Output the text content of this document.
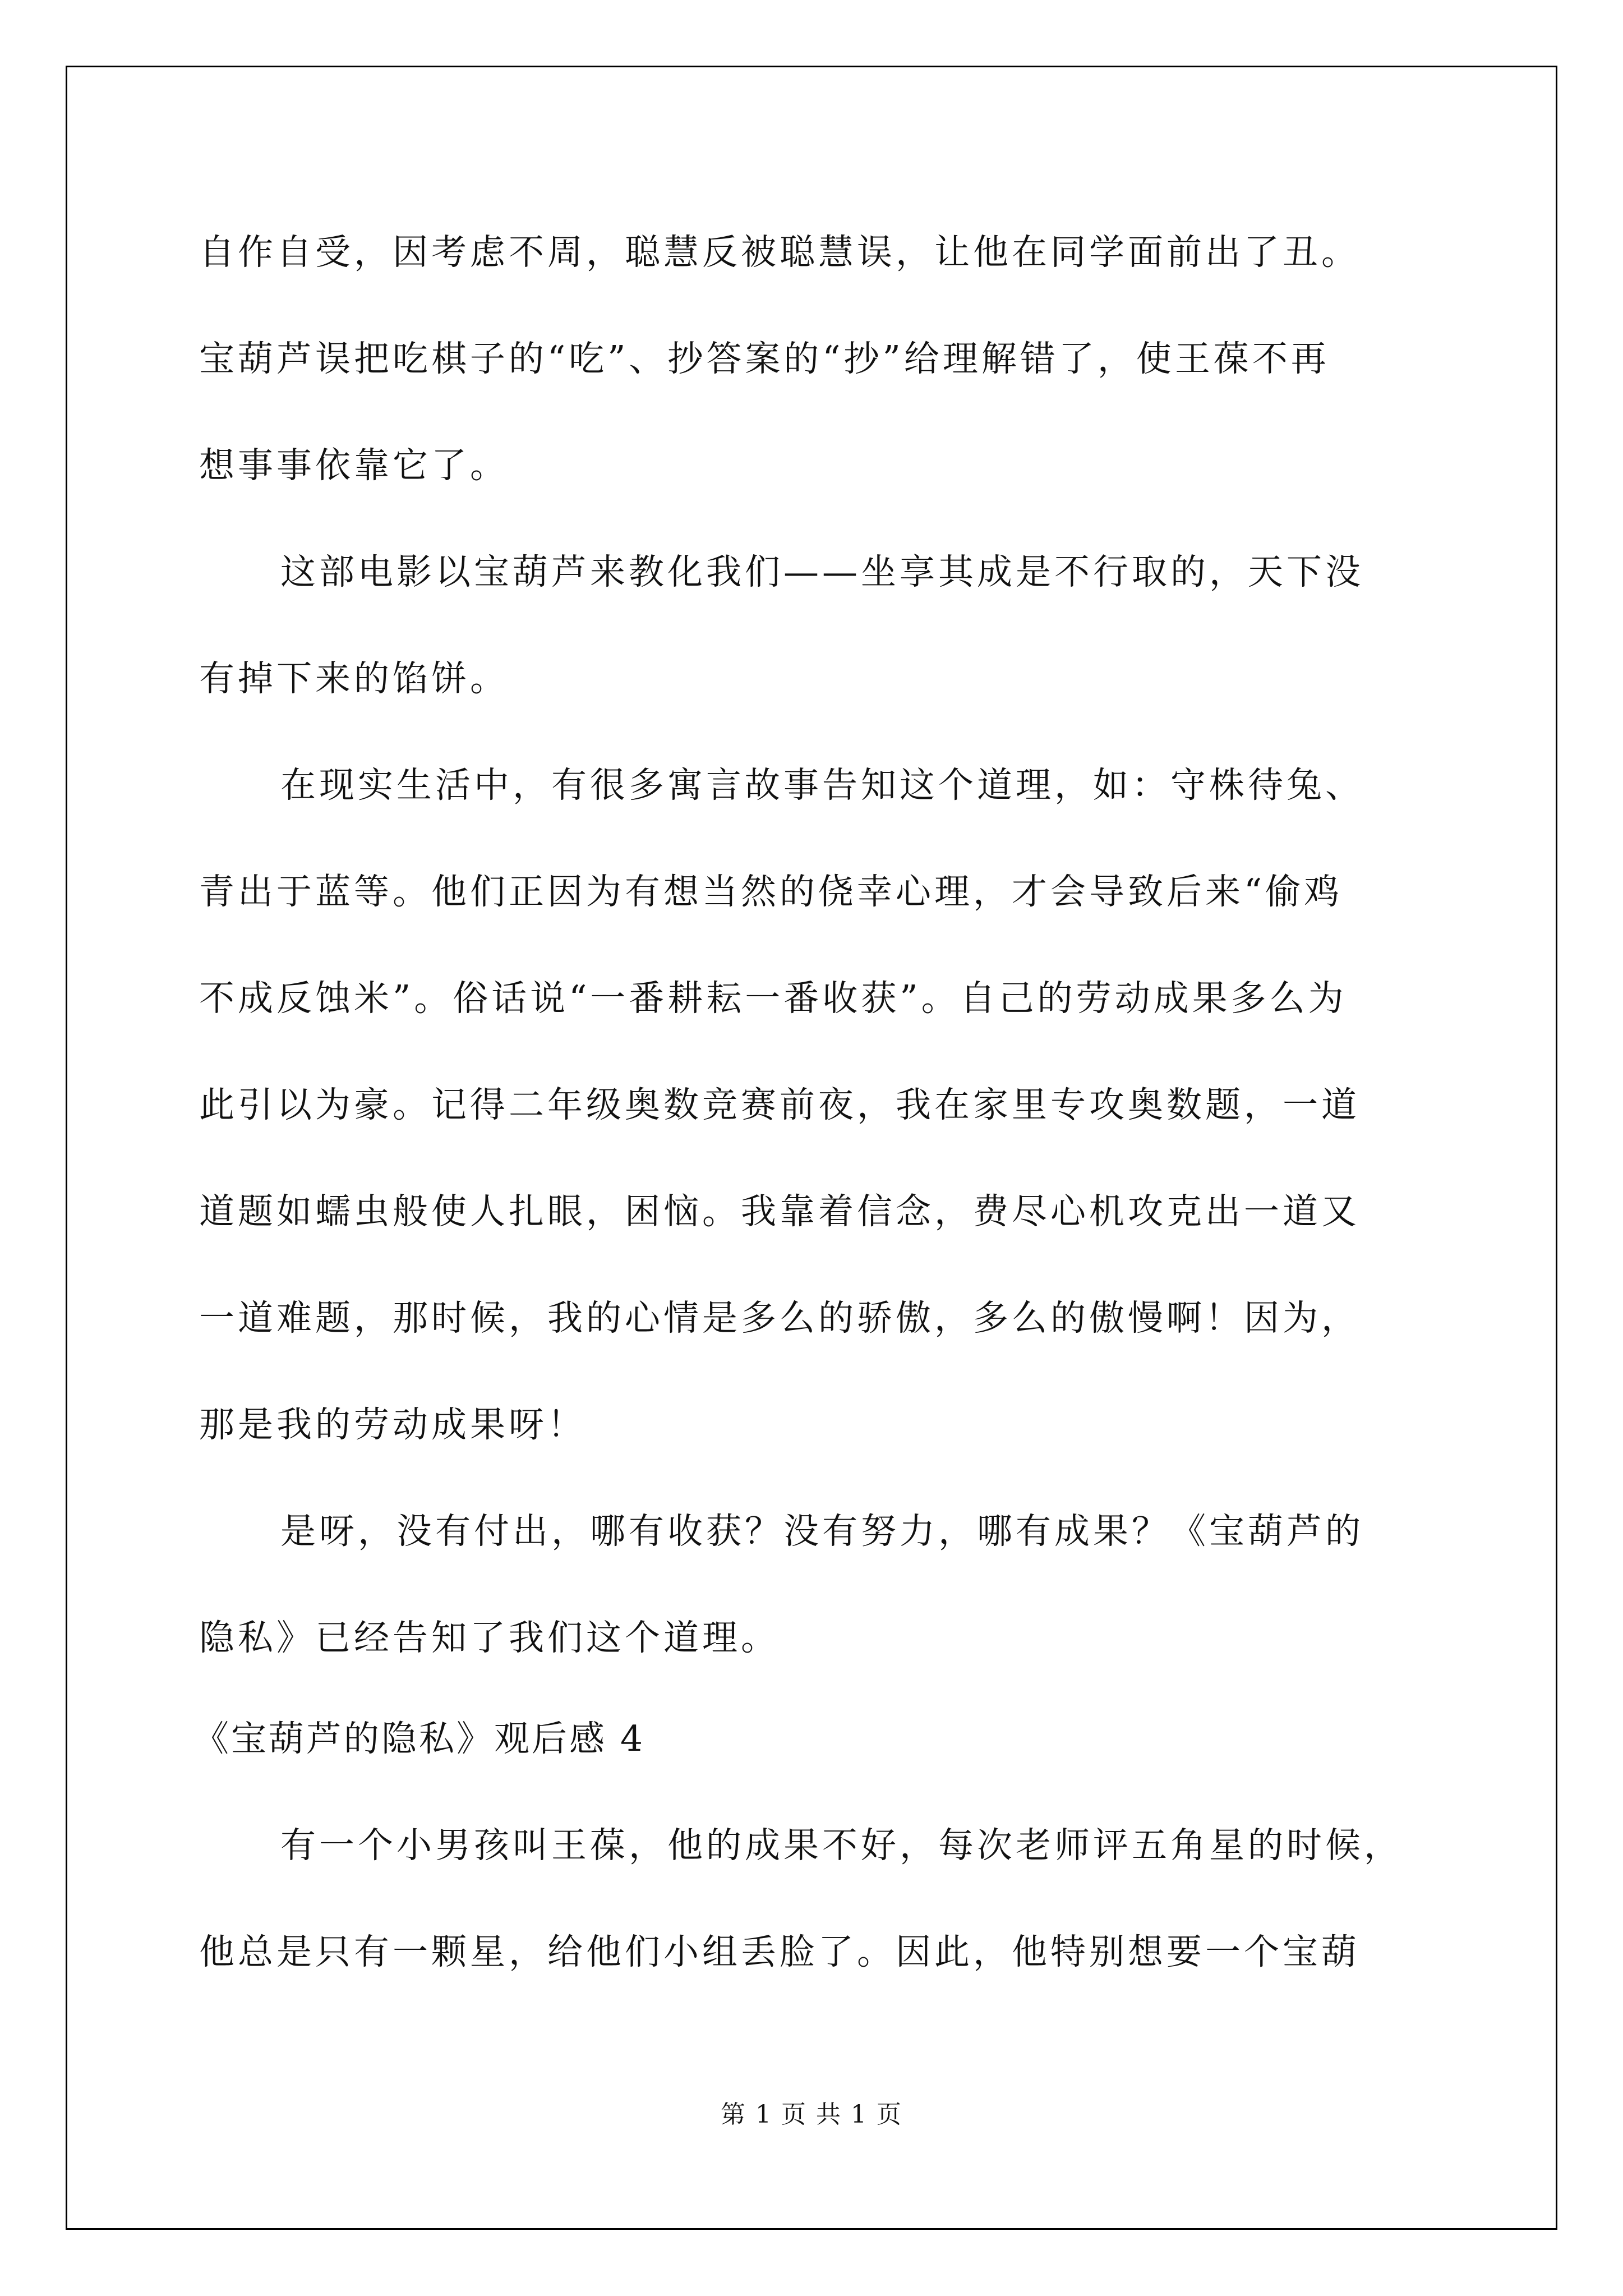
自作自受，因考虑不周，聪慧反被聪慧误，让他在同学面前出了丑。
宝葫芦误把吃棋子的“吃”、抄答案的“抄”给理解错了，使王葆不再
想事事依靠它了。
这部电影以宝葫芦来教化我们——坐享其成是不行取的，天下没
有掉下来的馅饼。
在现实生活中，有很多寓言故事告知这个道理，如：守株待兔、
青出于蓝等。他们正因为有想当然的侥幸心理，才会导致后来“偷鸡
不成反蚀米”。俗话说“一番耕耘一番收获”。自己的劳动成果多么为
此引以为豪。记得二年级奥数竞赛前夜，我在家里专攻奥数题，一道
道题如蠕虫般使人扎眼，困恼。我靠着信念，费尽心机攻克出一道又
一道难题，那时候，我的心情是多么的骄傲，多么的傲慢啊！因为，
那是我的劳动成果呀！
是呀，没有付出，哪有收获？没有努力，哪有成果？《宝葫芦的
隐私》已经告知了我们这个道理。
《宝葫芦的隐私》观后感 4
有一个小男孩叫王葆，他的成果不好，每次老师评五角星的时候，
他总是只有一颗星，给他们小组丢脸了。因此，他特别想要一个宝葫
第 1 页 共 1 页
